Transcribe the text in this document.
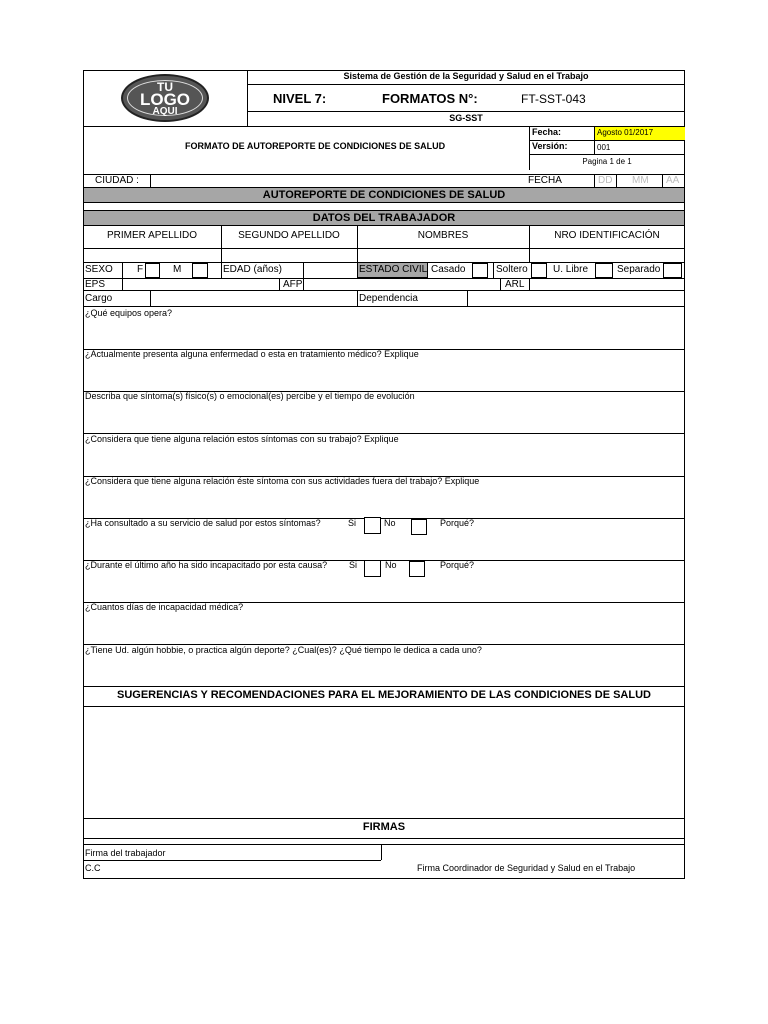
TU
LOGO
AQUI
Sistema de Gestión de la Seguridad y Salud en el Trabajo
NIVEL 7:	FORMATOS N°:	FT-SST-043
SG-SST
FORMATO DE AUTOREPORTE DE CONDICIONES DE SALUD
Fecha:	Agosto 01/2017
Versión:	001
Pagina 1 de 1
CIUDAD :	FECHA	DD MM AA
AUTOREPORTE DE CONDICIONES DE SALUD
DATOS DEL TRABAJADOR
PRIMER APELLIDO	SEGUNDO APELLIDO	NOMBRES	NRO IDENTIFICACIÓN
SEXO F	M	EDAD (años)	ESTADO CIVIL Casado	Soltero	U. Libre	Separado
EPS	AFP	ARL
Cargo	Dependencia
¿Qué equipos opera?
¿Actualmente presenta alguna enfermedad o esta en tratamiento médico? Explique
Describa que síntoma(s) físico(s) o emocional(es) percibe y el tiempo de evolución
¿Considera que tiene alguna relación estos síntomas con su trabajo? Explique
¿Considera que tiene alguna relación éste síntoma con sus actividades fuera del trabajo? Explique
¿Ha consultado a su servicio de salud por estos síntomas?	Si	No	Porqué?
¿Durante el último año ha sido incapacitado por esta causa? Si	No	Porqué?
¿Cuantos días de incapacidad médica?
¿Tiene Ud. algún hobbie, o practica algún deporte? ¿Cual(es)? ¿Qué tiempo le dedica a cada uno?
SUGERENCIAS Y RECOMENDACIONES PARA EL MEJORAMIENTO DE LAS CONDICIONES DE SALUD
FIRMAS
Firma del trabajador
C.C	Firma Coordinador de Seguridad y Salud en el Trabajo
